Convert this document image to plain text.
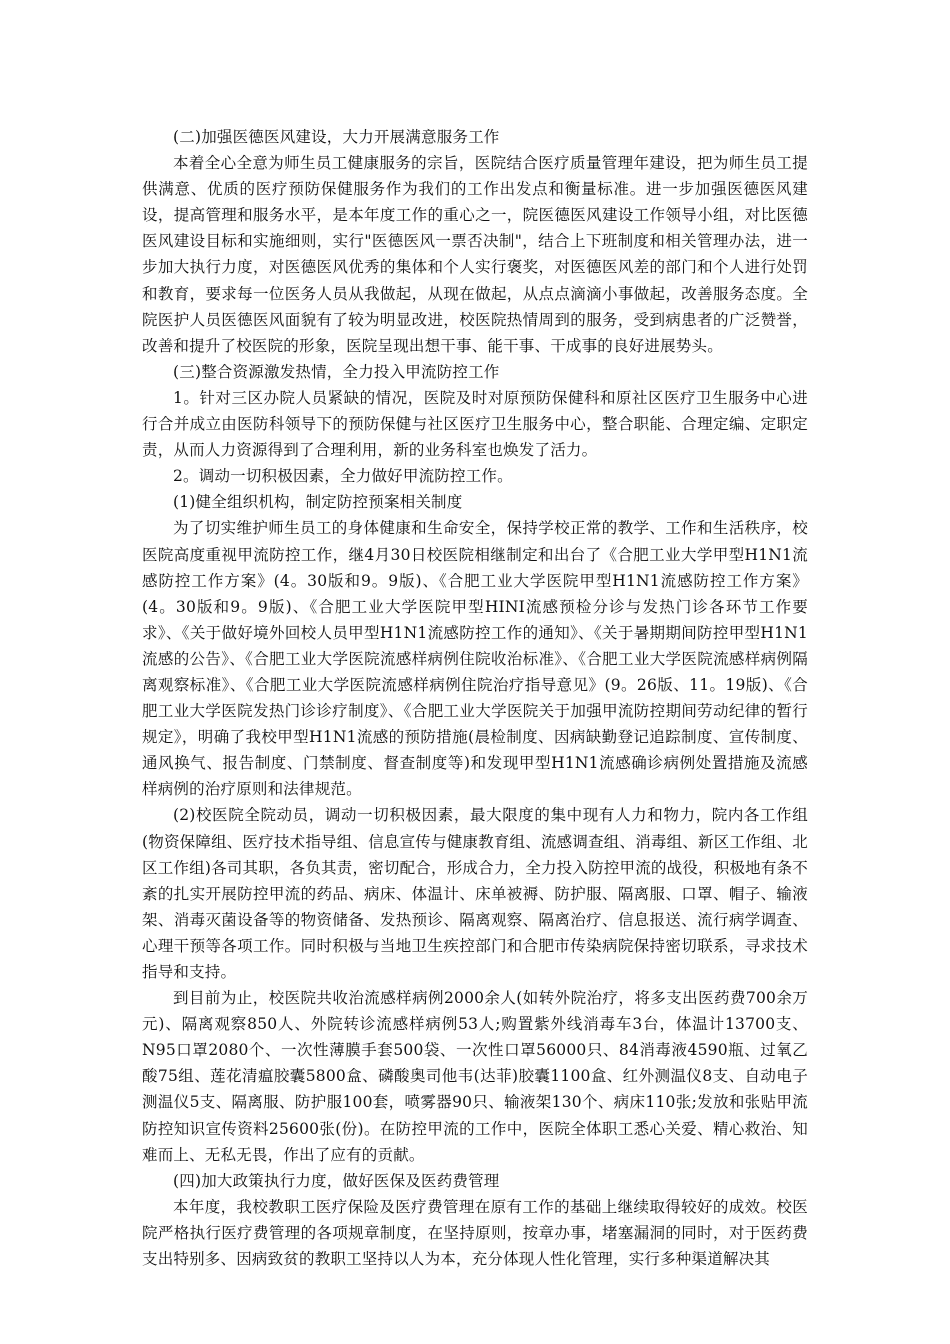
(二)加强医德医风建设，大力开展满意服务工作

本着全心全意为师生员工健康服务的宗旨，医院结合医疗质量管理年建设，把为师生员工提供满意、优质的医疗预防保健服务作为我们的工作出发点和衡量标准。进一步加强医德医风建设，提高管理和服务水平，是本年度工作的重心之一，院医德医风建设工作领导小组，对比医德医风建设目标和实施细则，实行"医德医风一票否决制"，结合上下班制度和相关管理办法，进一步加大执行力度，对医德医风优秀的集体和个人实行褒奖，对医德医风差的部门和个人进行处罚和教育，要求每一位医务人员从我做起，从现在做起，从点点滴滴小事做起，改善服务态度。全院医护人员医德医风面貌有了较为明显改进，校医院热情周到的服务，受到病患者的广泛赞誉，改善和提升了校医院的形象，医院呈现出想干事、能干事、干成事的良好进展势头。

(三)整合资源激发热情，全力投入甲流防控工作

1。针对三区办院人员紧缺的情况，医院及时对原预防保健科和原社区医疗卫生服务中心进行合并成立由医防科领导下的预防保健与社区医疗卫生服务中心，整合职能、合理定编、定职定责，从而人力资源得到了合理利用，新的业务科室也焕发了活力。

2。调动一切积极因素，全力做好甲流防控工作。

(1)健全组织机构，制定防控预案相关制度

为了切实维护师生员工的身体健康和生命安全，保持学校正常的教学、工作和生活秩序，校医院高度重视甲流防控工作，继4月30日校医院相继制定和出台了《合肥工业大学甲型H1N1流感防控工作方案》(4。30版和9。9版)、《合肥工业大学医院甲型H1N1流感防控工作方案》(4。30版和9。9版)、《合肥工业大学医院甲型HINI流感预检分诊与发热门诊各环节工作要求》、《关于做好境外回校人员甲型H1N1流感防控工作的通知》、《关于暑期期间防控甲型H1N1流感的公告》、《合肥工业大学医院流感样病例住院收治标准》、《合肥工业大学医院流感样病例隔离观察标准》、《合肥工业大学医院流感样病例住院治疗指导意见》(9。26版、11。19版)、《合肥工业大学医院发热门诊诊疗制度》、《合肥工业大学医院关于加强甲流防控期间劳动纪律的暂行规定》，明确了我校甲型H1N1流感的预防措施(晨检制度、因病缺勤登记追踪制度、宣传制度、通风换气、报告制度、门禁制度、督查制度等)和发现甲型H1N1流感确诊病例处置措施及流感样病例的治疗原则和法律规范。

(2)校医院全院动员，调动一切积极因素，最大限度的集中现有人力和物力，院内各工作组(物资保障组、医疗技术指导组、信息宣传与健康教育组、流感调查组、消毒组、新区工作组、北区工作组)各司其职，各负其责，密切配合，形成合力，全力投入防控甲流的战役，积极地有条不紊的扎实开展防控甲流的药品、病床、体温计、床单被褥、防护服、隔离服、口罩、帽子、输液架、消毒灭菌设备等的物资储备、发热预诊、隔离观察、隔离治疗、信息报送、流行病学调查、心理干预等各项工作。同时积极与当地卫生疾控部门和合肥市传染病院保持密切联系，寻求技术指导和支持。

到目前为止，校医院共收治流感样病例2000余人(如转外院治疗，将多支出医药费700余万元)、隔离观察850人、外院转诊流感样病例53人;购置紫外线消毒车3台，体温计13700支、N95口罩2080个、一次性薄膜手套500袋、一次性口罩56000只、84消毒液4590瓶、过氧乙酸75组、莲花清瘟胶囊5800盒、磷酸奥司他韦(达菲)胶囊1100盒、红外测温仪8支、自动电子测温仪5支、隔离服、防护服100套，喷雾器90只、输液架130个、病床110张;发放和张贴甲流防控知识宣传资料25600张(份)。在防控甲流的工作中，医院全体职工悉心关爱、精心救治、知难而上、无私无畏，作出了应有的贡献。

(四)加大政策执行力度，做好医保及医药费管理

本年度，我校教职工医疗保险及医疗费管理在原有工作的基础上继续取得较好的成效。校医院严格执行医疗费管理的各项规章制度，在坚持原则，按章办事，堵塞漏洞的同时，对于医药费支出特别多、因病致贫的教职工坚持以人为本，充分体现人性化管理，实行多种渠道解决其
